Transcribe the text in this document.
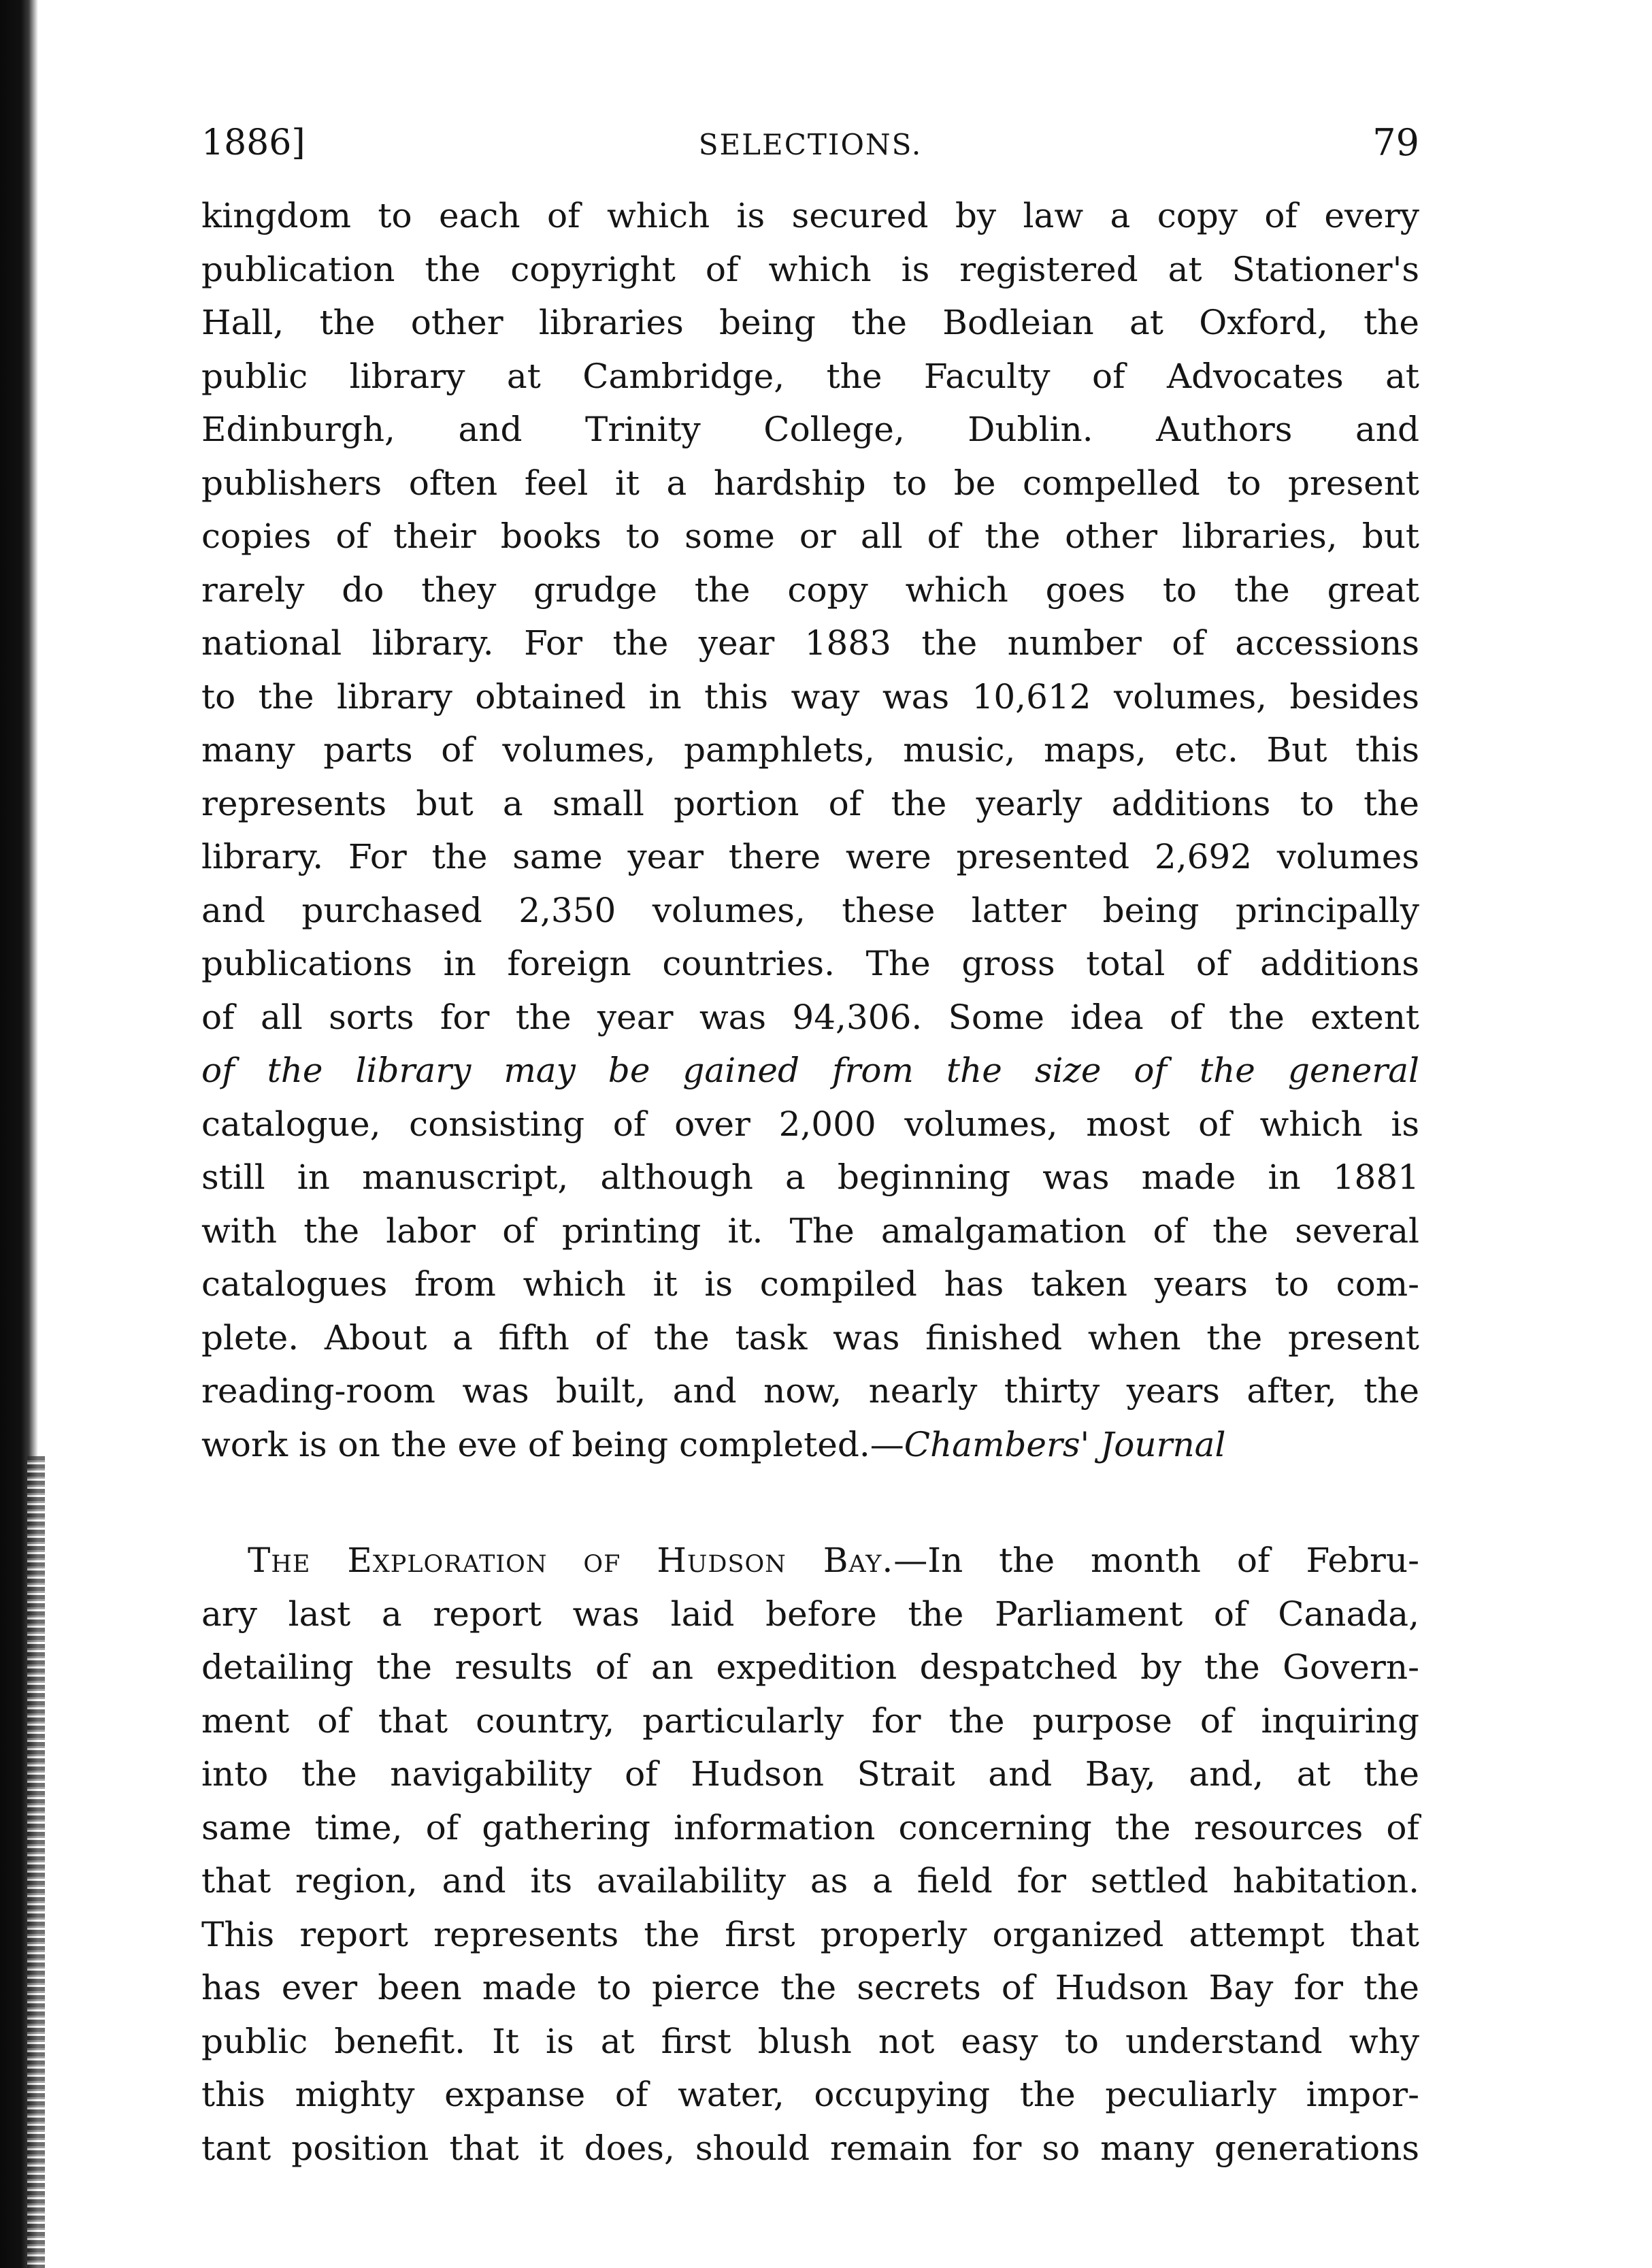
1886]	SELECTIONS.	79
kingdom to each of which is secured by law a copy of every
publication the copyright of which is registered at Stationer's
Hall, the other libraries being the Bodleian at Oxford, the
public library at Cambridge, the Faculty of Advocates at
Edinburgh, and Trinity College, Dublin. Authors and
publishers often feel it a hardship to be compelled to present
copies of their books to some or all of the other libraries, but
rarely do they grudge the copy which goes to the great
national library. For the year 1883 the number of accessions
to the library obtained in this way was 10,612 volumes, besides
many parts of volumes, pamphlets, music, maps, etc. But this
represents but a small portion of the yearly additions to the
library. For the same year there were presented 2,692 volumes
and purchased 2,350 volumes, these latter being principally
publications in foreign countries. The gross total of additions
of all sorts for the year was 94,306. Some idea of the extent
of the library may be gained from the size of the general
catalogue, consisting of over 2,000 volumes, most of which is
still in manuscript, although a beginning was made in 1881
with the labor of printing it. The amalgamation of the several
catalogues from which it is compiled has taken years to com-
plete. About a fifth of the task was finished when the present
reading-room was built, and now, nearly thirty years after, the
work is on the eve of being completed.—Chambers' Journal
The Exploration of Hudson Bay.—In the month of Febru-
ary last a report was laid before the Parliament of Canada,
detailing the results of an expedition despatched by the Govern-
ment of that country, particularly for the purpose of inquiring
into the navigability of Hudson Strait and Bay, and, at the
same time, of gathering information concerning the resources of
that region, and its availability as a field for settled habitation.
This report represents the first properly organized attempt that
has ever been made to pierce the secrets of Hudson Bay for the
public benefit. It is at first blush not easy to understand why
this mighty expanse of water, occupying the peculiarly impor-
tant position that it does, should remain for so many generations
